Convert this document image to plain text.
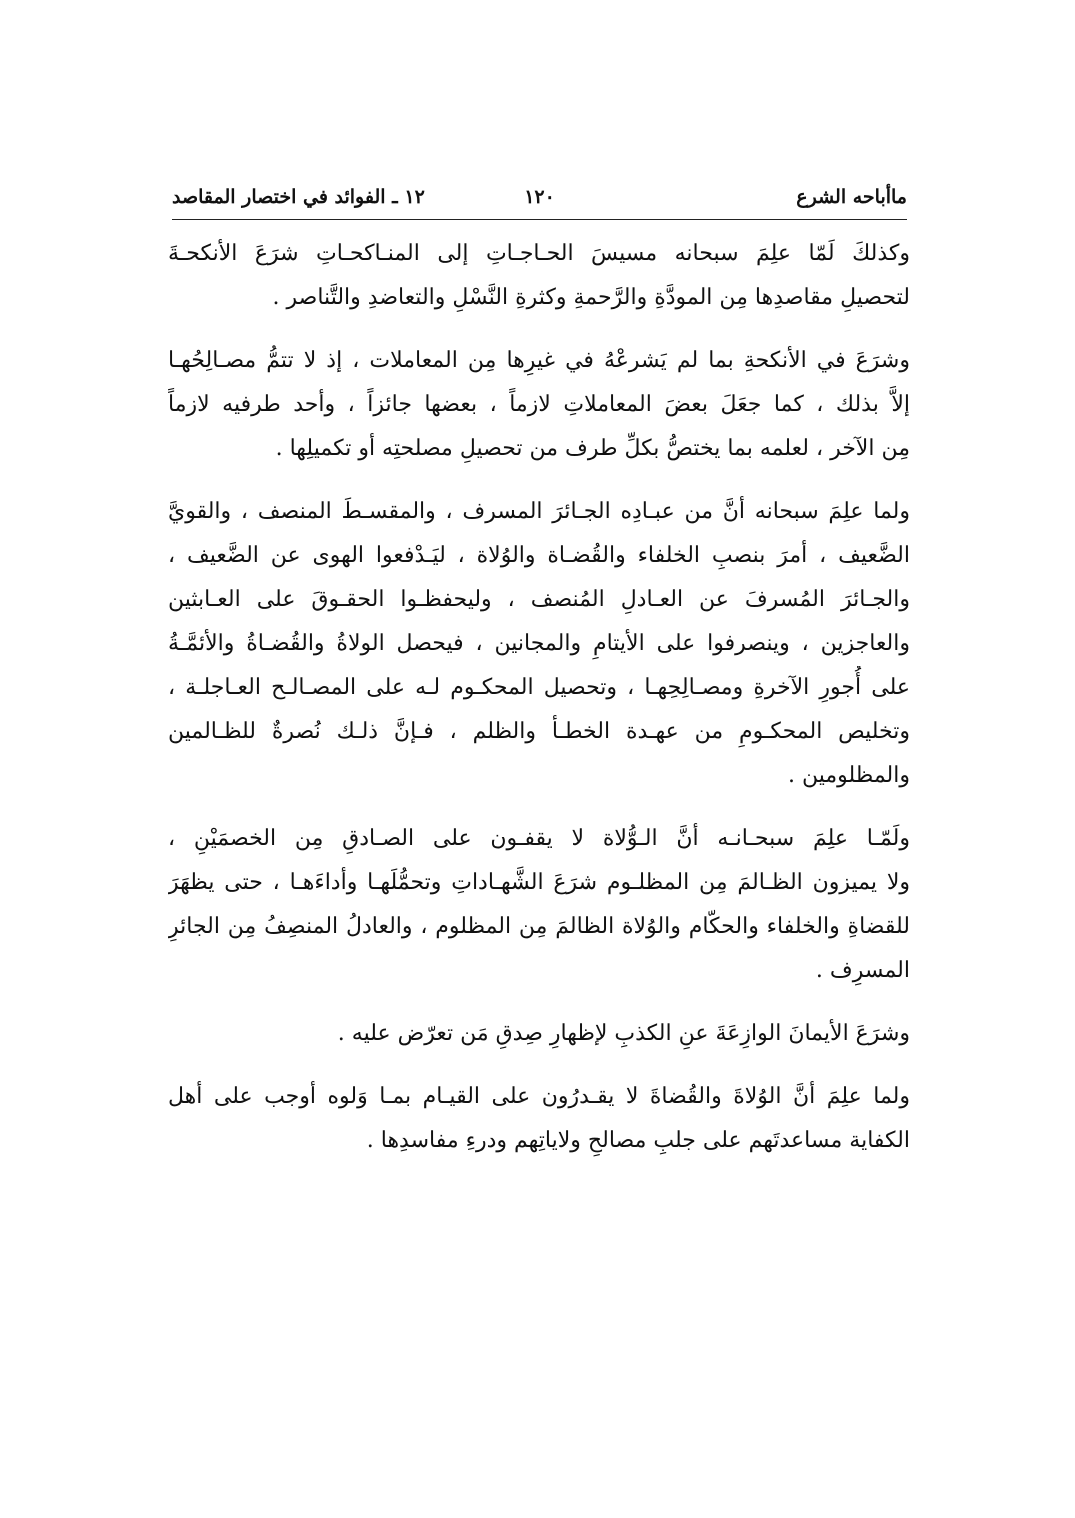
ماأباحه الشرع
١٢٠
١٢ ـ الفوائد في اختصار المقاصد
وكذلكَ لَمّا علِمَ سبحانه مسيسَ الحـاجـاتِ إلى المنـاكحـاتِ شرَعَ الأنكحـةَ
لتحصيلِ مقاصدِها مِن المودَّةِ والرَّحمةِ وكثرةِ النَّسْلِ والتعاضدِ والتَّناصر .
وشرَعَ في الأنكحةِ بما لم يَشرعْهُ في غيرِها مِن المعاملات ، إذ لا تتمُّ مصـالِحُهـا
إلاَّ بذلك ، كما جعَلَ بعضَ المعاملاتِ لازماً ، بعضها جائزاً ، وأحد طرفيه لازماً
مِن الآخر ، لعلمه بما يختصُّ بكلِّ طرف من تحصيلِ مصلحتِه أو تكميلِها .
ولما علِمَ سبحانه أنَّ من عبـادِه الجـائرَ المسرف ، والمقسـطَ المنصف ، والقويَّ
الضَّعيف ، أمرَ بنصبِ الخلفاء والقُضـاة والوُلاة ، ليَـدْفعوا الهوى عن الضَّعيف ،
والجـائرَ المُسرفَ عن العـادلِ المُنصف ، وليحفظـوا الحقـوقَ على العـابثين
والعاجزين ، وينصرفوا على الأيتامِ والمجانين ، فيحصل الولاةُ والقُضـاةُ والأئمَّـةُ
على أُجورِ الآخرةِ ومصـالِحِهـا ، وتحصيل المحكـوم لـه على المصـالـح العـاجلـة ،
وتخليص المحكـومِ من عهـدة الخطـأ والظلم ، فـإنَّ ذلـك نُصرةٌ للظـالمين
والمظلومين .
ولَمّـا علِمَ سبحـانـه أنَّ الـوُّلاة لا يقفـون على الصـادقِ مِن الخصمَيْنِ ،
ولا يميزون الظـالمَ مِن المظلـوم شرَعَ الشَّهـاداتِ وتحمُّلَهـا وأداءَهـا ، حتى يظهَرَ
للقضاةِ والخلفاء والحكّام والوُلاة الظالمَ مِن المظلوم ، والعادلُ المنصِفُ مِن الجائرِ
المسرِف .
وشرَعَ الأيمانَ الوازِعَةَ عنِ الكذبِ لإظهارِ صِدقِ مَن تعرّض عليه .
ولما علِمَ أنَّ الوُلاةَ والقُضاةَ لا يقـدرُون على القيـام بمـا وَلوه أوجب على أهل
الكفاية مساعدتَهم على جلبِ مصالحِ ولاياتِهم ودرءِ مفاسدِها .
